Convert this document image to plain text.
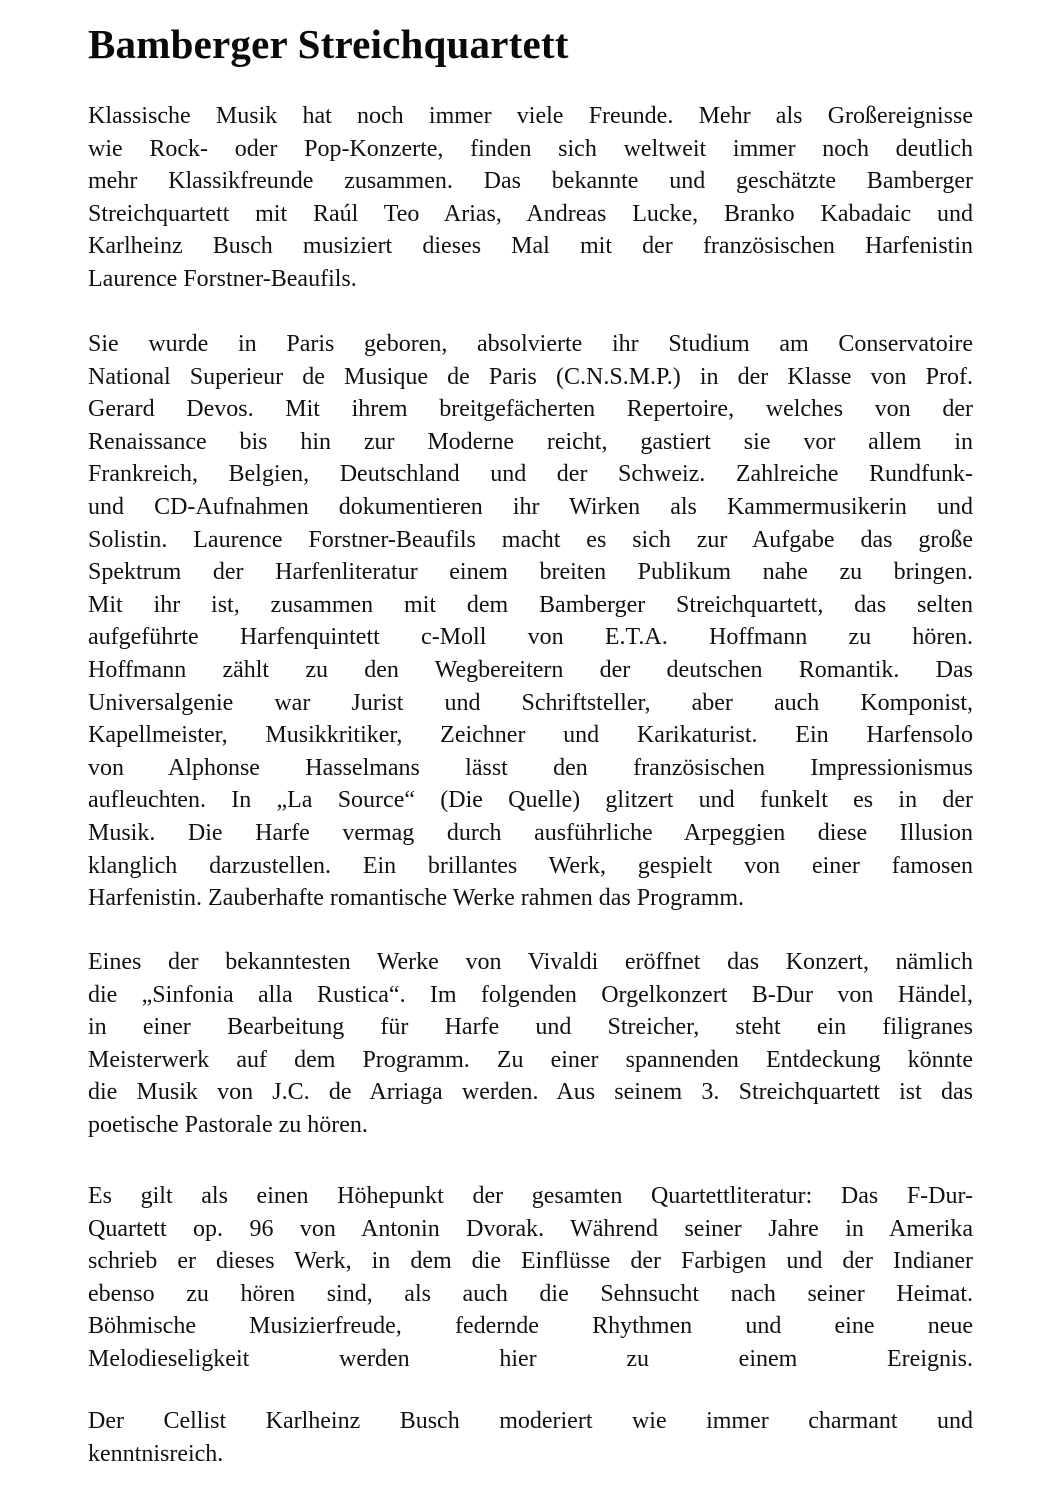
Bamberger Streichquartett
Klassische Musik hat noch immer viele Freunde. Mehr als Großereignisse
wie Rock- oder Pop-Konzerte, finden sich weltweit immer noch deutlich
mehr Klassikfreunde zusammen. Das bekannte und geschätzte Bamberger
Streichquartett mit Raúl Teo Arias, Andreas Lucke, Branko Kabadaic und
Karlheinz Busch musiziert dieses Mal mit der französischen Harfenistin
Laurence Forstner-Beaufils.
Sie wurde in Paris geboren, absolvierte ihr Studium am Conservatoire
National Superieur de Musique de Paris (C.N.S.M.P.) in der Klasse von Prof.
Gerard Devos. Mit ihrem breitgefächerten Repertoire, welches von der
Renaissance bis hin zur Moderne reicht, gastiert sie vor allem in
Frankreich, Belgien, Deutschland und der Schweiz. Zahlreiche Rundfunk-
und CD-Aufnahmen dokumentieren ihr Wirken als Kammermusikerin und
Solistin. Laurence Forstner-Beaufils macht es sich zur Aufgabe das große
Spektrum der Harfenliteratur einem breiten Publikum nahe zu bringen.
Mit ihr ist, zusammen mit dem Bamberger Streichquartett, das selten
aufgeführte Harfenquintett c-Moll von E.T.A. Hoffmann zu hören.
Hoffmann zählt zu den Wegbereitern der deutschen Romantik. Das
Universalgenie war Jurist und Schriftsteller, aber auch Komponist,
Kapellmeister, Musikkritiker, Zeichner und Karikaturist. Ein Harfensolo
von Alphonse Hasselmans lässt den französischen Impressionismus
aufleuchten. In „La Source“ (Die Quelle) glitzert und funkelt es in der
Musik. Die Harfe vermag durch ausführliche Arpeggien diese Illusion
klanglich darzustellen. Ein brillantes Werk, gespielt von einer famosen
Harfenistin. Zauberhafte romantische Werke rahmen das Programm.
Eines der bekanntesten Werke von Vivaldi eröffnet das Konzert, nämlich
die „Sinfonia alla Rustica“. Im folgenden Orgelkonzert B-Dur von Händel,
in einer Bearbeitung für Harfe und Streicher, steht ein filigranes
Meisterwerk auf dem Programm. Zu einer spannenden Entdeckung könnte
die Musik von J.C. de Arriaga werden. Aus seinem 3. Streichquartett ist das
poetische Pastorale zu hören.
Es gilt als einen Höhepunkt der gesamten Quartettliteratur: Das F-Dur-
Quartett op. 96 von Antonin Dvorak. Während seiner Jahre in Amerika
schrieb er dieses Werk, in dem die Einflüsse der Farbigen und der Indianer
ebenso zu hören sind, als auch die Sehnsucht nach seiner Heimat.
Böhmische Musizierfreude, federnde Rhythmen und eine neue
Melodieseligkeit werden hier zu einem Ereignis.
Der Cellist Karlheinz Busch moderiert wie immer charmant und
kenntnisreich.
